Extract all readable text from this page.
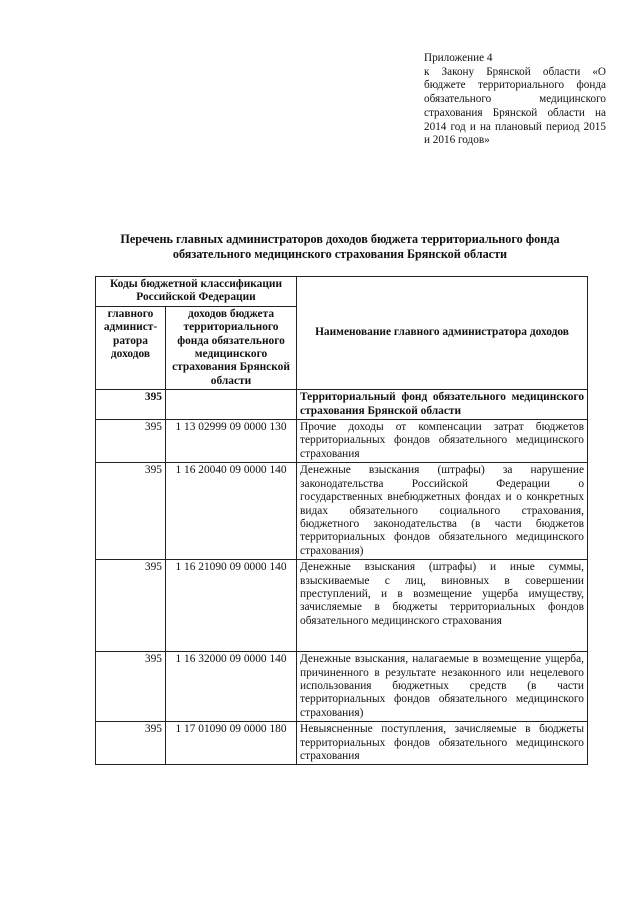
Приложение 4
к Закону Брянской области «О бюджете территориального фонда обязательного медицинского страхования Брянской области на 2014 год и на плановый период 2015 и 2016 годов»
Перечень главных администраторов доходов бюджета территориального фонда
обязательного медицинского страхования Брянской области
Коды бюджетной классификации Российской Федерации		Наименование главного администратора доходов
главного админист-ратора доходов	доходов бюджета территориального фонда обязательного медицинского страхования Брянской области	
395		Территориальный фонд обязательного медицинского страхования Брянской области
395	1 13 02999 09 0000 130	Прочие доходы от компенсации затрат бюджетов территориальных фондов обязательного медицинского страхования
395	1 16 20040 09 0000 140	Денежные взыскания (штрафы) за нарушение законодательства Российской Федерации о государственных внебюджетных фондах и о конкретных видах обязательного социального страхования, бюджетного законодательства (в части бюджетов территориальных фондов обязательного медицинского страхования)
395	1 16 21090 09 0000 140	Денежные взыскания (штрафы) и иные суммы, взыскиваемые с лиц, виновных в совершении преступлений, и в возмещение ущерба имуществу, зачисляемые в бюджеты территориальных фондов обязательного медицинского страхования
395	1 16 32000 09 0000 140	Денежные взыскания, налагаемые в возмещение ущерба, причиненного в результате незаконного или нецелевого использования бюджетных средств (в части территориальных фондов обязательного медицинского страхования)
395	1 17 01090 09 0000 180	Невыясненные поступления, зачисляемые в бюджеты территориальных фондов обязательного медицинского страхования
